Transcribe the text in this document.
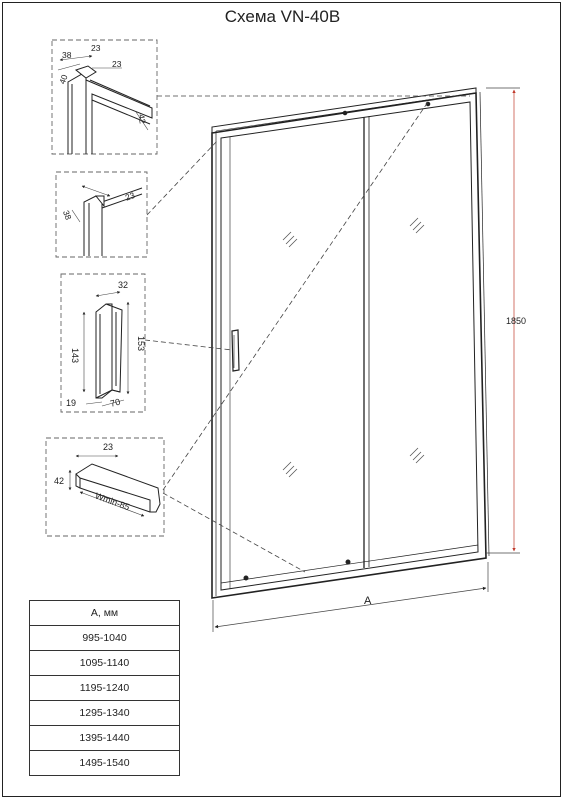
Схема VN-40B
1850
A
38
23
40
23
42
38
23
32
143
153
19	70
23
42
Wmin-85
A, мм
995-1040
1095-1140
1195-1240
1295-1340
1395-1440
1495-1540
